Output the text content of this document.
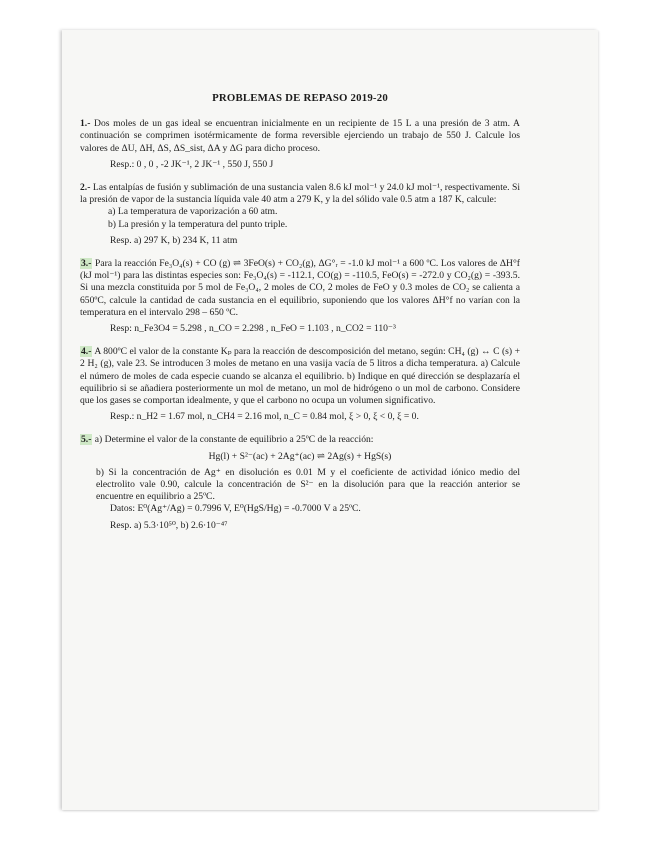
PROBLEMAS DE REPASO 2019-20
1.- Dos moles de un gas ideal se encuentran inicialmente en un recipiente de 15 L a una presión de 3 atm. A continuación se comprimen isotérmicamente de forma reversible ejerciendo un trabajo de 550 J. Calcule los valores de ΔU, ΔH, ΔS, ΔS_sist, ΔA y ΔG para dicho proceso.
Resp.: 0 , 0 , -2 JK⁻¹, 2 JK⁻¹ , 550 J, 550 J
2.- Las entalpías de fusión y sublimación de una sustancia valen 8.6 kJ mol⁻¹ y 24.0 kJ mol⁻¹, respectivamente. Si la presión de vapor de la sustancia líquida vale 40 atm a 279 K, y la del sólido vale 0.5 atm a 187 K, calcule:
a) La temperatura de vaporización a 60 atm.
b) La presión y la temperatura del punto triple.
Resp. a) 297 K, b) 234 K, 11 atm
3.- Para la reacción Fe₃O₄(s) + CO (g) ⇌ 3FeO(s) + CO₂(g), ΔG°ᵣ = -1.0 kJ mol⁻¹ a 600 ºC. Los valores de ΔH°f (kJ mol⁻¹) para las distintas especies son: Fe₃O₄(s) = -112.1, CO(g) = -110.5, FeO(s) = -272.0 y CO₂(g) = -393.5. Si una mezcla constituida por 5 mol de Fe₃O₄, 2 moles de CO, 2 moles de FeO y 0.3 moles de CO₂ se calienta a 650ºC, calcule la cantidad de cada sustancia en el equilibrio, suponiendo que los valores ΔH°f no varían con la temperatura en el intervalo 298 – 650 ºC.
Resp: n_Fe3O4 = 5.298 , n_CO = 2.298 , n_FeO = 1.103 , n_CO2 = 110⁻³
4.- A 800ºC el valor de la constante Kₚ para la reacción de descomposición del metano, según: CH₄ (g) ↔ C (s) + 2 H₂ (g), vale 23. Se introducen 3 moles de metano en una vasija vacía de 5 litros a dicha temperatura. a) Calcule el número de moles de cada especie cuando se alcanza el equilibrio. b) Indique en qué dirección se desplazaría el equilibrio si se añadiera posteriormente un mol de metano, un mol de hidrógeno o un mol de carbono. Considere que los gases se comportan idealmente, y que el carbono no ocupa un volumen significativo.
Resp.: n_H2 = 1.67 mol, n_CH4 = 2.16 mol, n_C = 0.84 mol, ξ > 0, ξ < 0, ξ = 0.
5.- a) Determine el valor de la constante de equilibrio a 25ºC de la reacción:
Hg(l) + S²⁻(ac) + 2Ag⁺(ac) ⇌ 2Ag(s) + HgS(s)
b) Si la concentración de Ag⁺ en disolución es 0.01 M y el coeficiente de actividad iónico medio del electrolito vale 0.90, calcule la concentración de S²⁻ en la disolución para que la reacción anterior se encuentre en equilibrio a 25ºC.
Datos: E⁰(Ag⁺/Ag) = 0.7996 V, E⁰(HgS/Hg) = -0.7000 V a 25ºC.
Resp. a) 5.3·10⁵⁰, b) 2.6·10⁻⁴⁷
